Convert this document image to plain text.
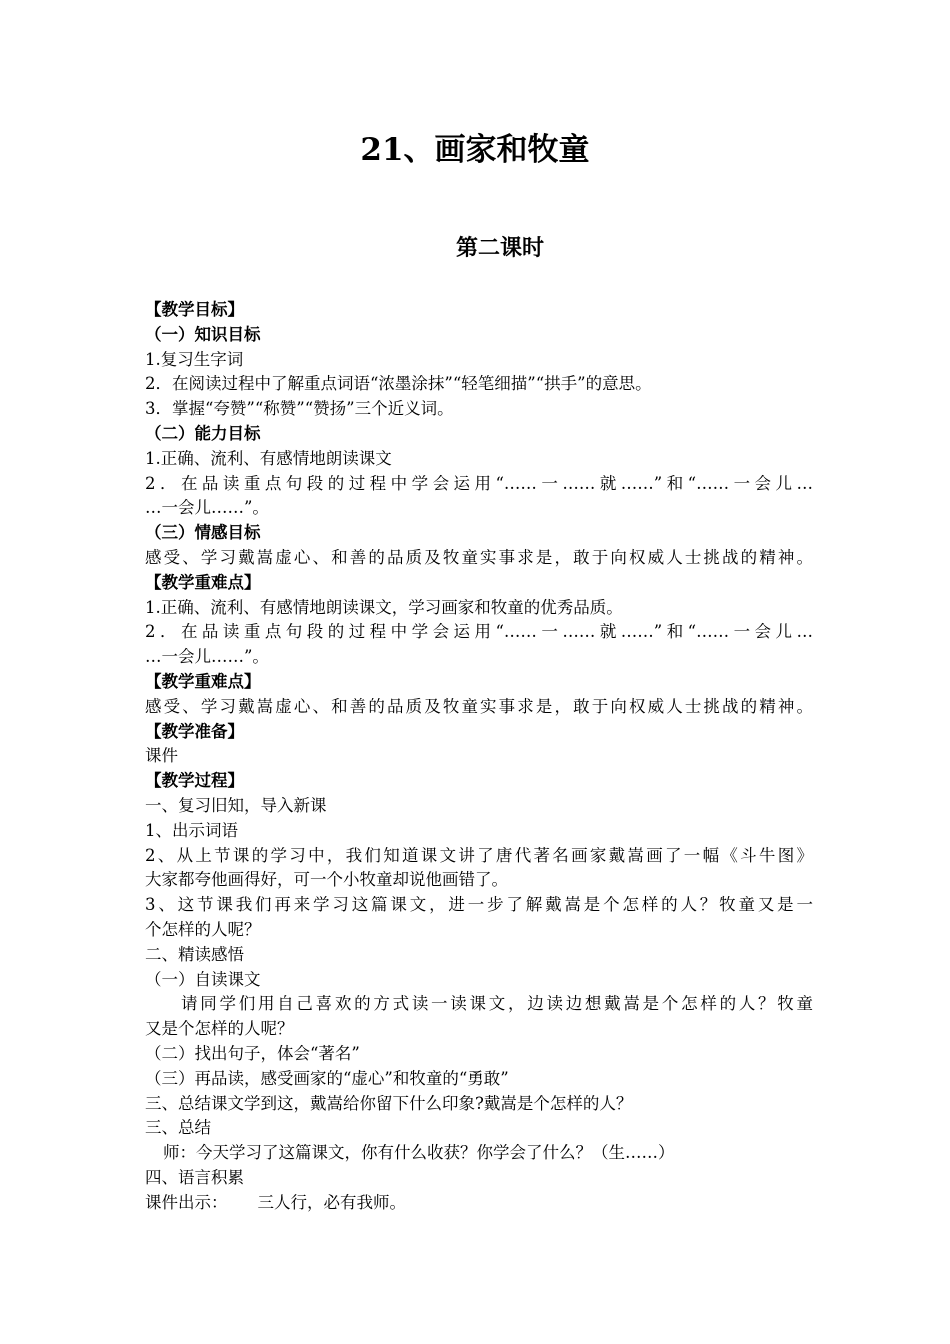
21、画家和牧童
第二课时
【教学目标】
（一）知识目标
1.复习生字词
2．在阅读过程中了解重点词语“浓墨涂抹”“轻笔细描”“拱手”的意思。
3．掌握“夸赞”“称赞”“赞扬”三个近义词。
（二）能力目标
1.正确、流利、有感情地朗读课文
2．在品读重点句段的过程中学会运用“……一……就……”和“……一会儿…
…一会儿……”。
（三）情感目标
感受、学习戴嵩虚心、和善的品质及牧童实事求是，敢于向权威人士挑战的精神。
【教学重难点】
1.正确、流利、有感情地朗读课文，学习画家和牧童的优秀品质。
2．在品读重点句段的过程中学会运用“……一……就……”和“……一会儿…
…一会儿……”。
【教学重难点】
感受、学习戴嵩虚心、和善的品质及牧童实事求是，敢于向权威人士挑战的精神。
【教学准备】
课件
【教学过程】
一、复习旧知，导入新课
1、出示词语
2、从上节课的学习中，我们知道课文讲了唐代著名画家戴嵩画了一幅《斗牛图》
大家都夸他画得好，可一个小牧童却说他画错了。
3、这节课我们再来学习这篇课文，进一步了解戴嵩是个怎样的人？牧童又是一
个怎样的人呢？
二、精读感悟
（一）自读课文
请同学们用自己喜欢的方式读一读课文，边读边想戴嵩是个怎样的人？牧童
又是个怎样的人呢？
（二）找出句子，体会“著名”
（三）再品读，感受画家的“虚心”和牧童的“勇敢”
三、总结课文学到这，戴嵩给你留下什么印象?戴嵩是个怎样的人？
三、总结
师：今天学习了这篇课文，你有什么收获？你学会了什么？（生……）
四、语言积累
课件出示： 三人行，必有我师。
